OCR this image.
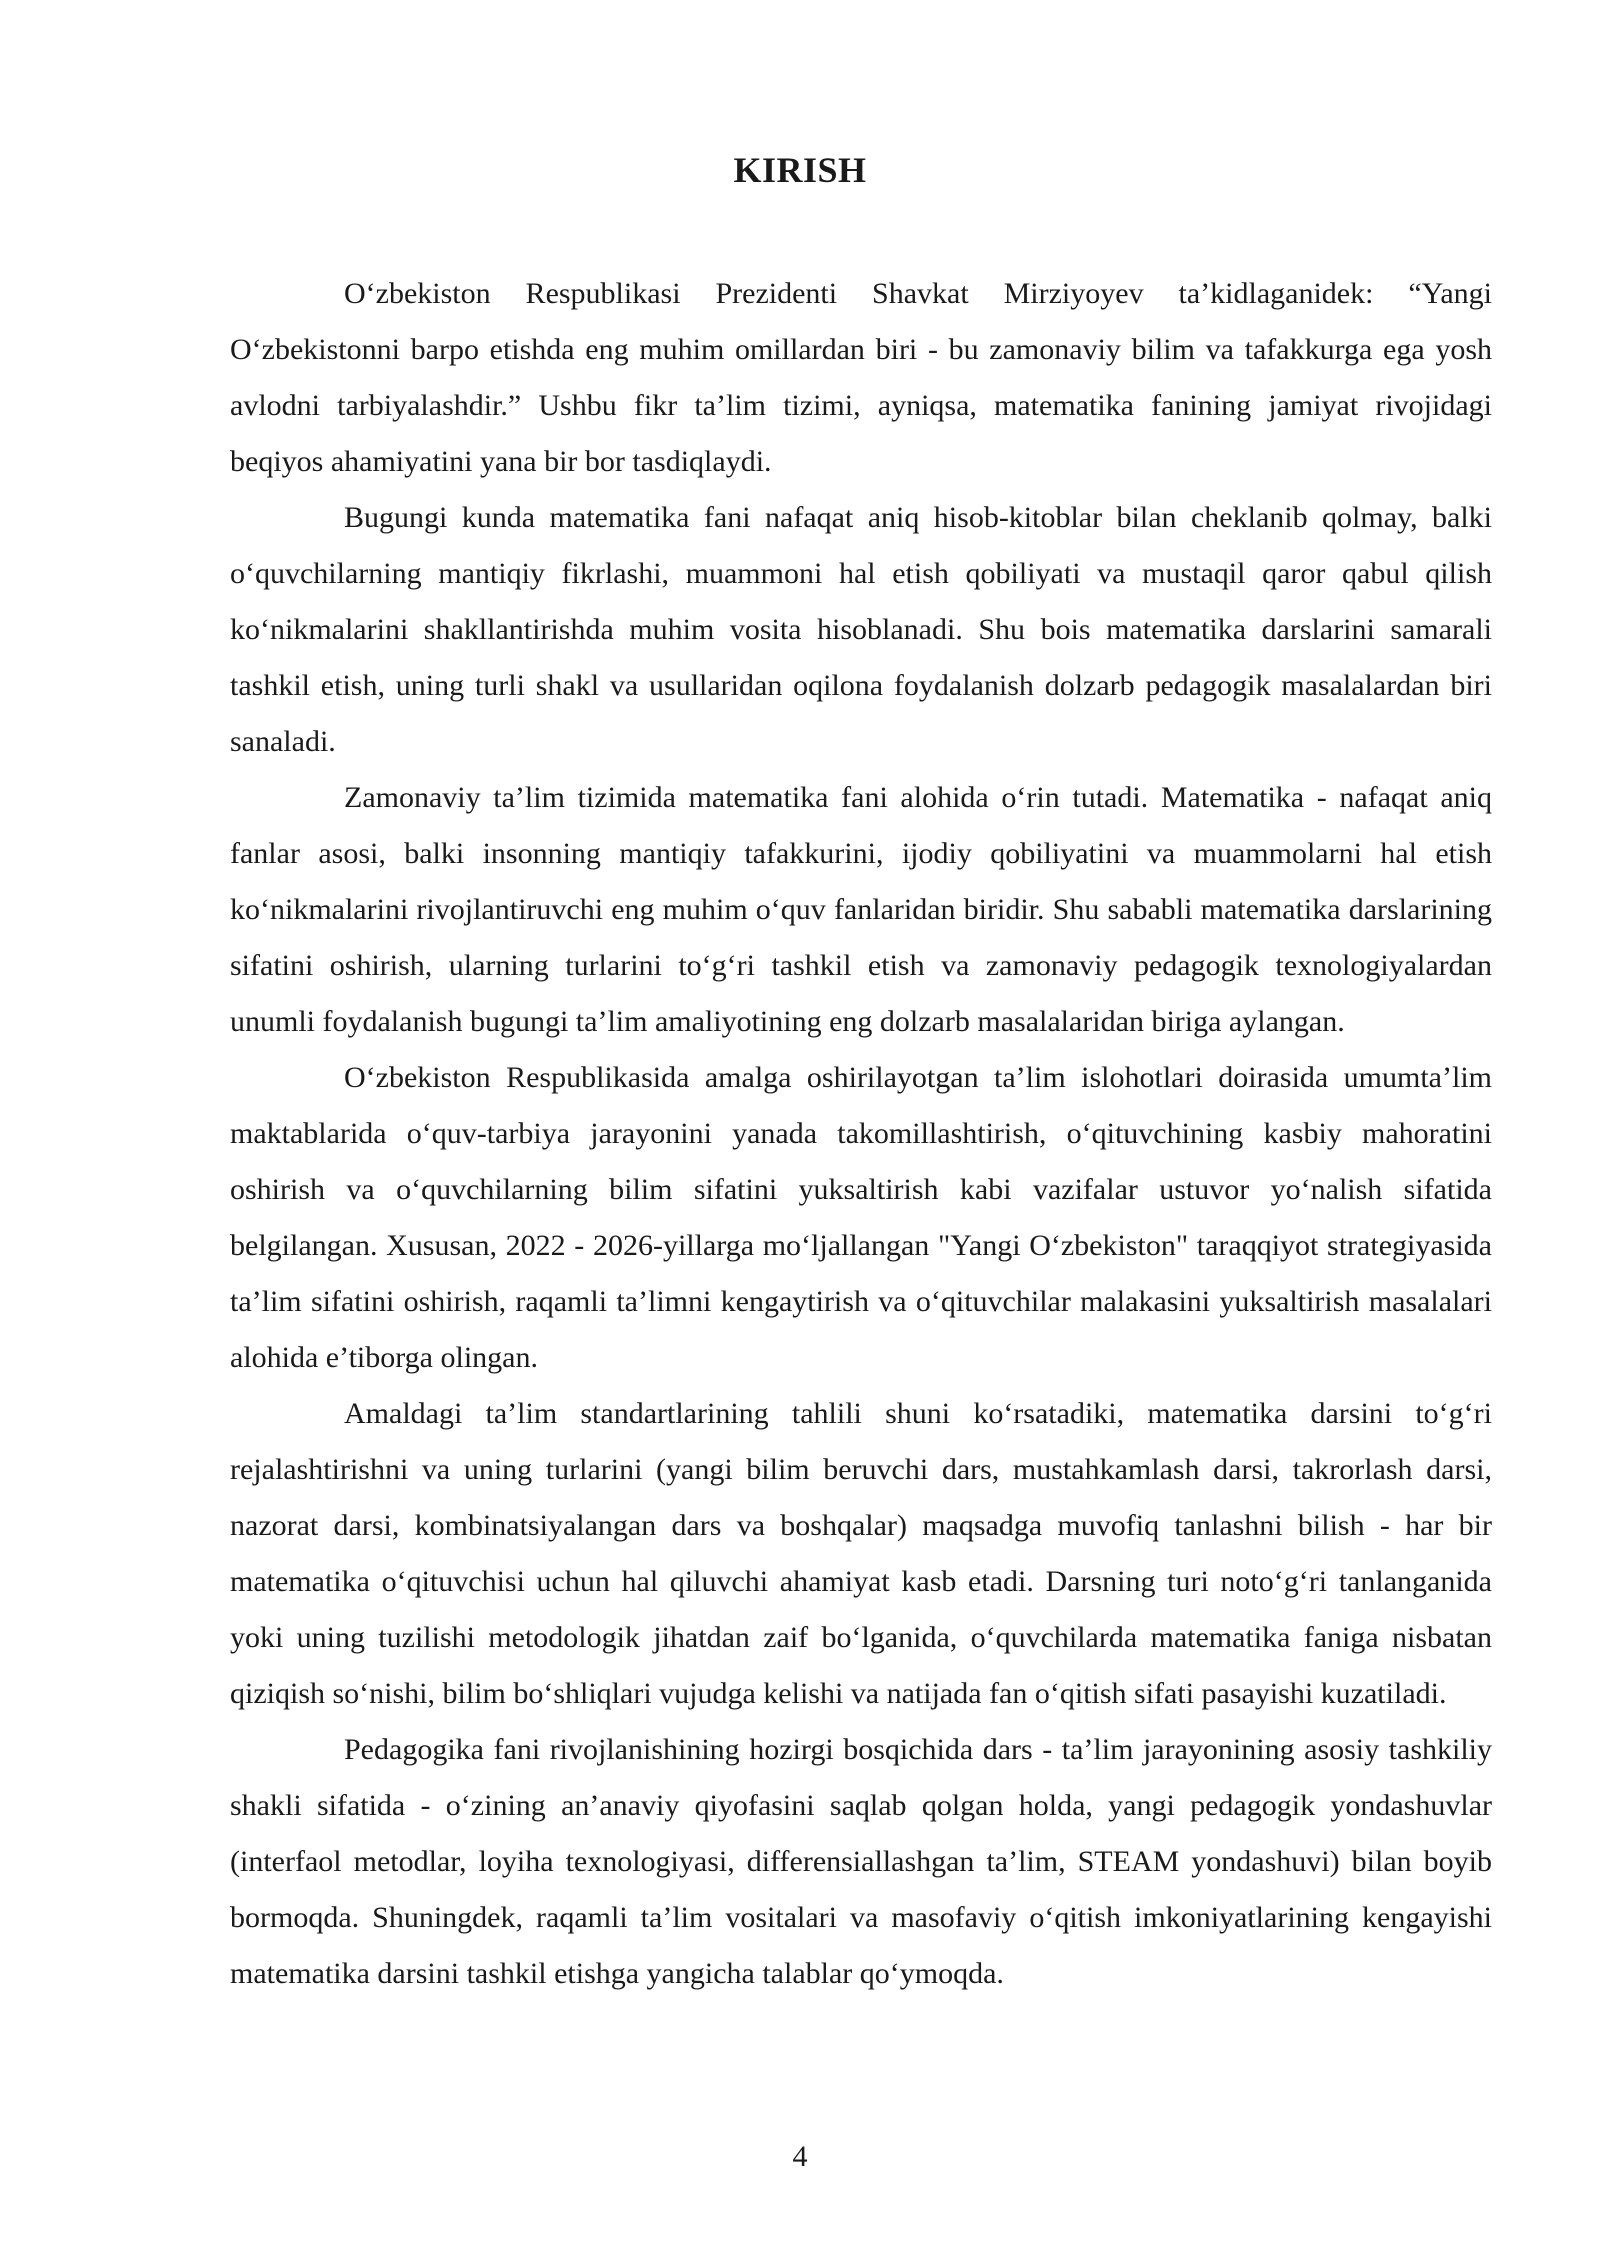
KIRISH

O‘zbekiston Respublikasi Prezidenti Shavkat Mirziyoyev ta’kidlaganidek: “Yangi O‘zbekistonni barpo etishda eng muhim omillardan biri - bu zamonaviy bilim va tafakkurga ega yosh avlodni tarbiyalashdir.” Ushbu fikr ta’lim tizimi, ayniqsa, matematika fanining jamiyat rivojidagi beqiyos ahamiyatini yana bir bor tasdiqlaydi.

Bugungi kunda matematika fani nafaqat aniq hisob-kitoblar bilan cheklanib qolmay, balki o‘quvchilarning mantiqiy fikrlashi, muammoni hal etish qobiliyati va mustaqil qaror qabul qilish ko‘nikmalarini shakllantirishda muhim vosita hisoblanadi. Shu bois matematika darslarini samarali tashkil etish, uning turli shakl va usullaridan oqilona foydalanish dolzarb pedagogik masalalardan biri sanaladi.

Zamonaviy ta’lim tizimida matematika fani alohida o‘rin tutadi. Matematika - nafaqat aniq fanlar asosi, balki insonning mantiqiy tafakkurini, ijodiy qobiliyatini va muammolarni hal etish ko‘nikmalarini rivojlantiruvchi eng muhim o‘quv fanlaridan biridir. Shu sababli matematika darslarining sifatini oshirish, ularning turlarini to‘g‘ri tashkil etish va zamonaviy pedagogik texnologiyalardan unumli foydalanish bugungi ta’lim amaliyotining eng dolzarb masalalaridan biriga aylangan.

O‘zbekiston Respublikasida amalga oshirilayotgan ta’lim islohotlari doirasida umumta’lim maktablarida o‘quv-tarbiya jarayonini yanada takomillashtirish, o‘qituvchining kasbiy mahoratini oshirish va o‘quvchilarning bilim sifatini yuksaltirish kabi vazifalar ustuvor yo‘nalish sifatida belgilangan. Xususan, 2022 - 2026-yillarga mo‘ljallangan "Yangi O‘zbekiston" taraqqiyot strategiyasida ta’lim sifatini oshirish, raqamli ta’limni kengaytirish va o‘qituvchilar malakasini yuksaltirish masalalari alohida e’tiborga olingan.

Amaldagi ta’lim standartlarining tahlili shuni ko‘rsatadiki, matematika darsini to‘g‘ri rejalashtirishni va uning turlarini (yangi bilim beruvchi dars, mustahkamlash darsi, takrorlash darsi, nazorat darsi, kombinatsiyalangan dars va boshqalar) maqsadga muvofiq tanlashni bilish - har bir matematika o‘qituvchisi uchun hal qiluvchi ahamiyat kasb etadi. Darsning turi noto‘g‘ri tanlanganida yoki uning tuzilishi metodologik jihatdan zaif bo‘lganida, o‘quvchilarda matematika faniga nisbatan qiziqish so‘nishi, bilim bo‘shliqlari vujudga kelishi va natijada fan o‘qitish sifati pasayishi kuzatiladi.

Pedagogika fani rivojlanishining hozirgi bosqichida dars - ta’lim jarayonining asosiy tashkiliy shakli sifatida - o‘zining an’anaviy qiyofasini saqlab qolgan holda, yangi pedagogik yondashuvlar (interfaol metodlar, loyiha texnologiyasi, differensiallashgan ta’lim, STEAM yondashuvi) bilan boyib bormoqda. Shuningdek, raqamli ta’lim vositalari va masofaviy o‘qitish imkoniyatlarining kengayishi matematika darsini tashkil etishga yangicha talablar qo‘ymoqda.

4
